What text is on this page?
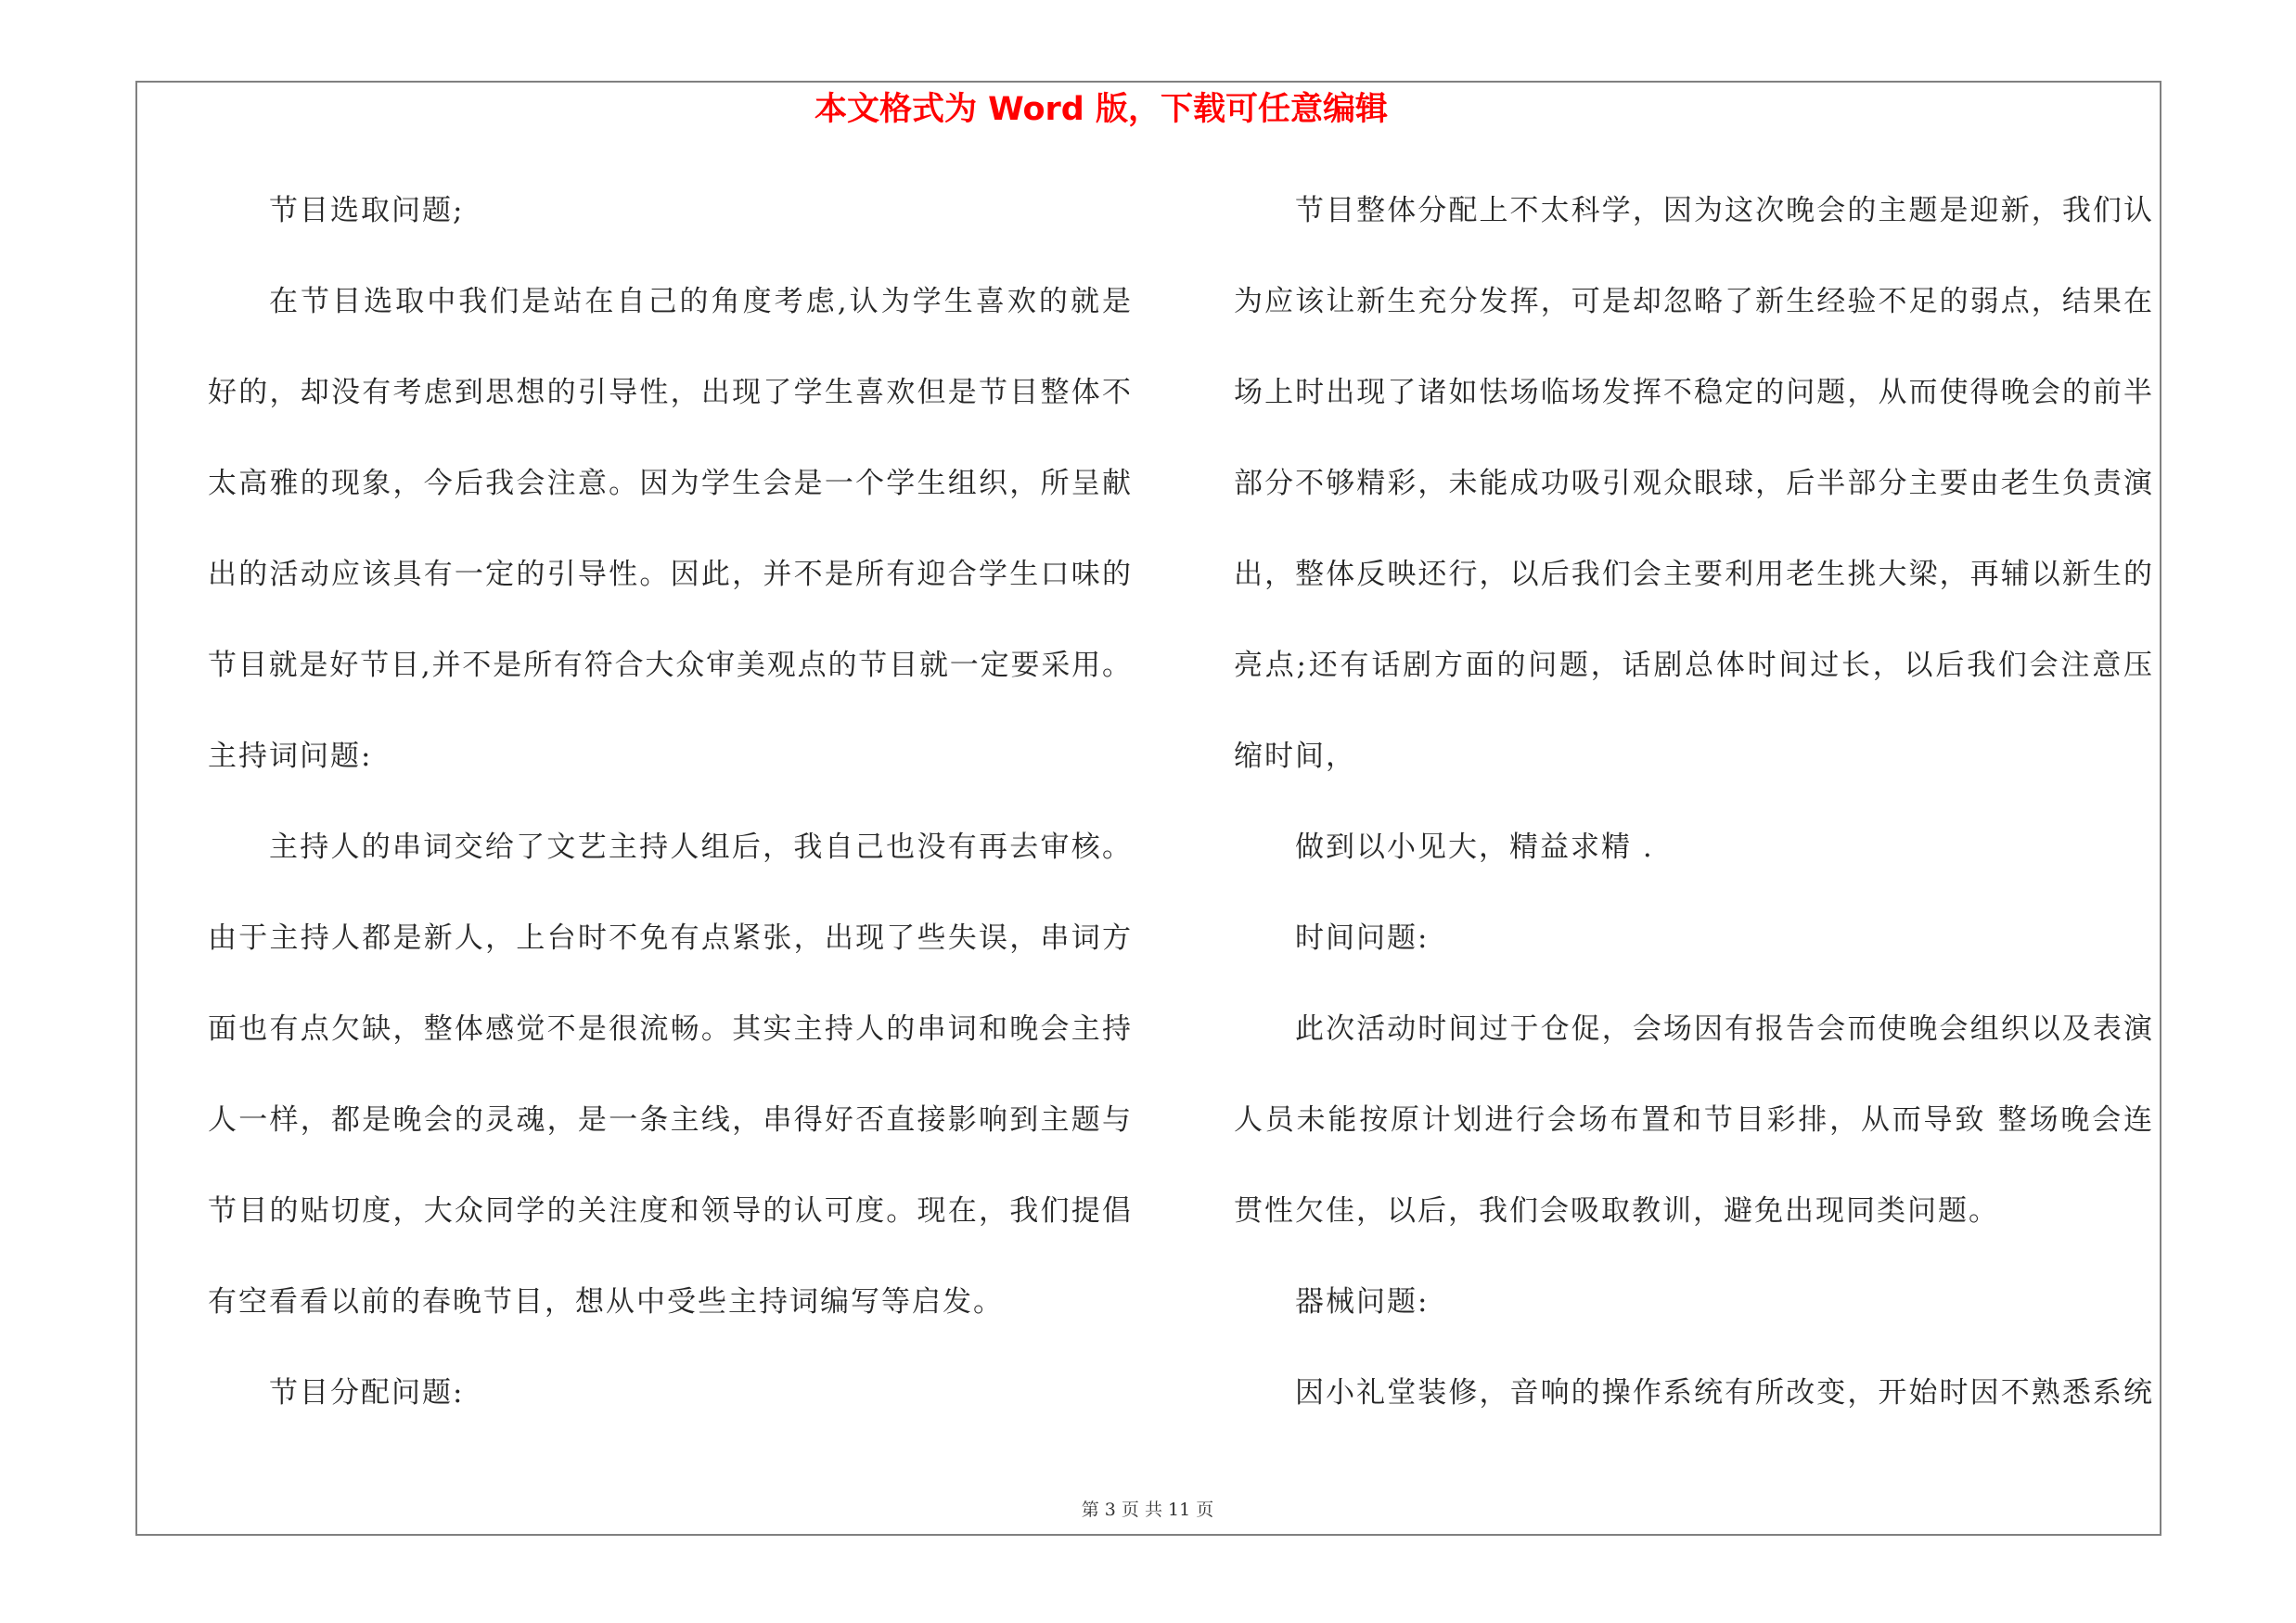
本文格式为 Word 版，下载可任意编辑
节目选取问题;
在节目选取中我们是站在自己的角度考虑,认为学生喜欢的就是
好的，却没有考虑到思想的引导性，出现了学生喜欢但是节目整体不
太高雅的现象，今后我会注意。因为学生会是一个学生组织，所呈献
出的活动应该具有一定的引导性。因此，并不是所有迎合学生口味的
节目就是好节目,并不是所有符合大众审美观点的节目就一定要采用。
主持词问题:
主持人的串词交给了文艺主持人组后，我自己也没有再去审核。
由于主持人都是新人，上台时不免有点紧张，出现了些失误，串词方
面也有点欠缺，整体感觉不是很流畅。其实主持人的串词和晚会主持
人一样，都是晚会的灵魂，是一条主线，串得好否直接影响到主题与
节目的贴切度，大众同学的关注度和领导的认可度。现在，我们提倡
有空看看以前的春晚节目，想从中受些主持词编写等启发。
节目分配问题:
节目整体分配上不太科学，因为这次晚会的主题是迎新，我们认
为应该让新生充分发挥，可是却忽略了新生经验不足的弱点，结果在
场上时出现了诸如怯场临场发挥不稳定的问题，从而使得晚会的前半
部分不够精彩，未能成功吸引观众眼球，后半部分主要由老生负责演
出，整体反映还行，以后我们会主要利用老生挑大梁，再辅以新生的
亮点;还有话剧方面的问题，话剧总体时间过长，以后我们会注意压
缩时间，
做到以小见大，精益求精 .
时间问题:
此次活动时间过于仓促，会场因有报告会而使晚会组织以及表演
人员未能按原计划进行会场布置和节目彩排，从而导致 整场晚会连
贯性欠佳，以后，我们会吸取教训，避免出现同类问题。
器械问题:
因小礼堂装修，音响的操作系统有所改变，开始时因不熟悉系统
第 3 页 共 11 页
